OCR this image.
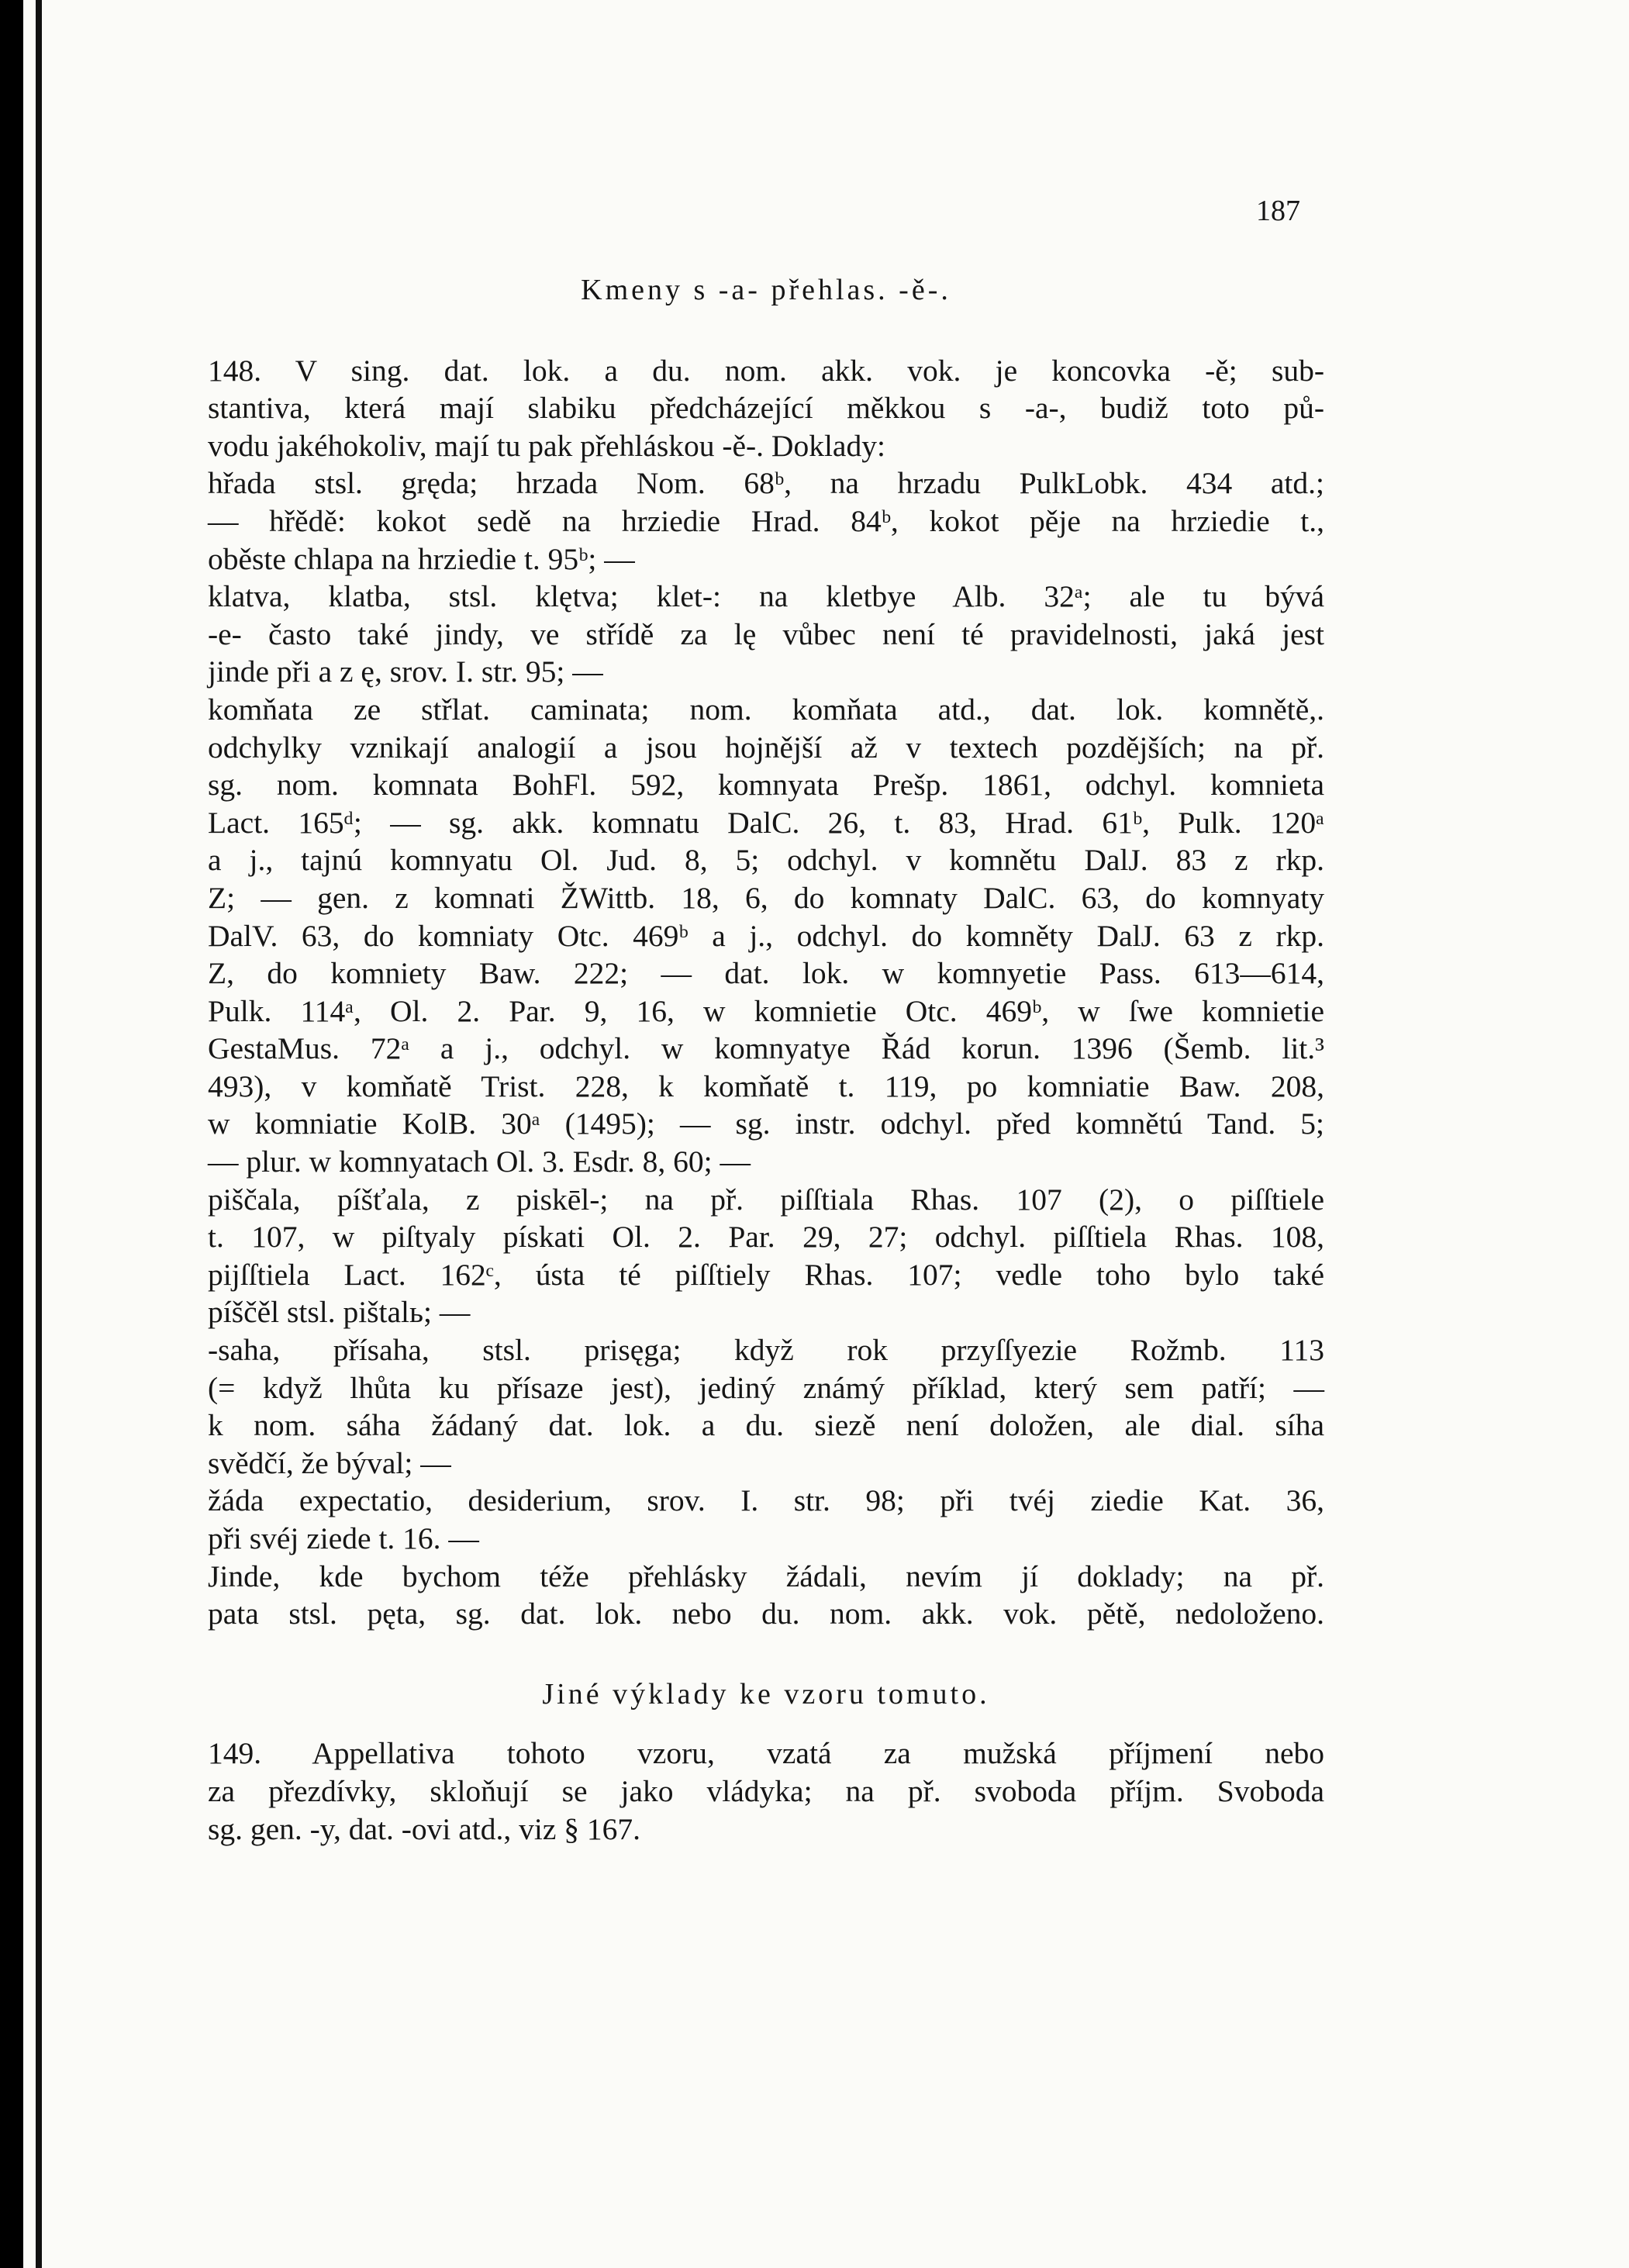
187
Kmeny s -a- přehlas. -ě-.
148. V sing. dat. lok. a du. nom. akk. vok. je koncovka -ě; sub-
stantiva, která mají slabiku předcházející měkkou s -a-, budiž toto pů-
vodu jakéhokoliv, mají tu pak přehláskou -ě-. Doklady:
hřada stsl. gręda; hrzada Nom. 68ᵇ, na hrzadu PulkLobk. 434 atd.;
— hřědě: kokot sedě na hrziedie Hrad. 84ᵇ, kokot pěje na hrziedie t.,
oběste chlapa na hrziedie t. 95ᵇ; —
klatva, klatba, stsl. klętva; klet-: na kletbye Alb. 32ᵃ; ale tu bývá
-e- často také jindy, ve střídě za lę vůbec není té pravidelnosti, jaká jest
jinde při a z ę, srov. I. str. 95; —
komňata ze střlat. caminata; nom. komňata atd., dat. lok. komnětě,.
odchylky vznikají analogií a jsou hojnější až v textech pozdějších; na př.
sg. nom. komnata BohFl. 592, komnyata Prešp. 1861, odchyl. komnieta
Lact. 165ᵈ; — sg. akk. komnatu DalC. 26, t. 83, Hrad. 61ᵇ, Pulk. 120ᵃ
a j., tajnú komnyatu Ol. Jud. 8, 5; odchyl. v komnětu DalJ. 83 z rkp.
Z; — gen. z komnati ŽWittb. 18, 6, do komnaty DalC. 63, do komnyaty
DalV. 63, do komniaty Otc. 469ᵇ a j., odchyl. do komněty DalJ. 63 z rkp.
Z, do komniety Baw. 222; — dat. lok. w komnyetie Pass. 613—614,
Pulk. 114ᵃ, Ol. 2. Par. 9, 16, w komnietie Otc. 469ᵇ, w ſwe komnietie
GestaMus. 72ᵃ a j., odchyl. w komnyatye Řád korun. 1396 (Šemb. lit.³
493), v komňatě Trist. 228, k komňatě t. 119, po komniatie Baw. 208,
w komniatie KolB. 30ᵃ (1495); — sg. instr. odchyl. před komnětú Tand. 5;
— plur. w komnyatach Ol. 3. Esdr. 8, 60; —
piščala, píšťala, z piskēl-; na př. piſſtiala Rhas. 107 (2), o piſſtiele
t. 107, w piſtyaly pískati Ol. 2. Par. 29, 27; odchyl. piſſtiela Rhas. 108,
pijſſtiela Lact. 162ᶜ, ústa té piſſtiely Rhas. 107; vedle toho bylo také
píščěl stsl. pištalь; —
-saha, přísaha, stsl. prisęga; když rok przyſſyezie Rožmb. 113
(= když lhůta ku přísaze jest), jediný známý příklad, který sem patří; —
k nom. sáha žádaný dat. lok. a du. siezě není doložen, ale dial. síha
svědčí, že býval; —
žáda expectatio, desiderium, srov. I. str. 98; při tvéj ziedie Kat. 36,
při svéj ziede t. 16. —
Jinde, kde bychom téže přehlásky žádali, nevím jí doklady; na př.
pata stsl. pęta, sg. dat. lok. nebo du. nom. akk. vok. pětě, nedoloženo.
Jiné výklady ke vzoru tomuto.
149. Appellativa tohoto vzoru, vzatá za mužská příjmení nebo
za přezdívky, skloňují se jako vládyka; na př. svoboda příjm. Svoboda
sg. gen. -y, dat. -ovi atd., viz § 167.
